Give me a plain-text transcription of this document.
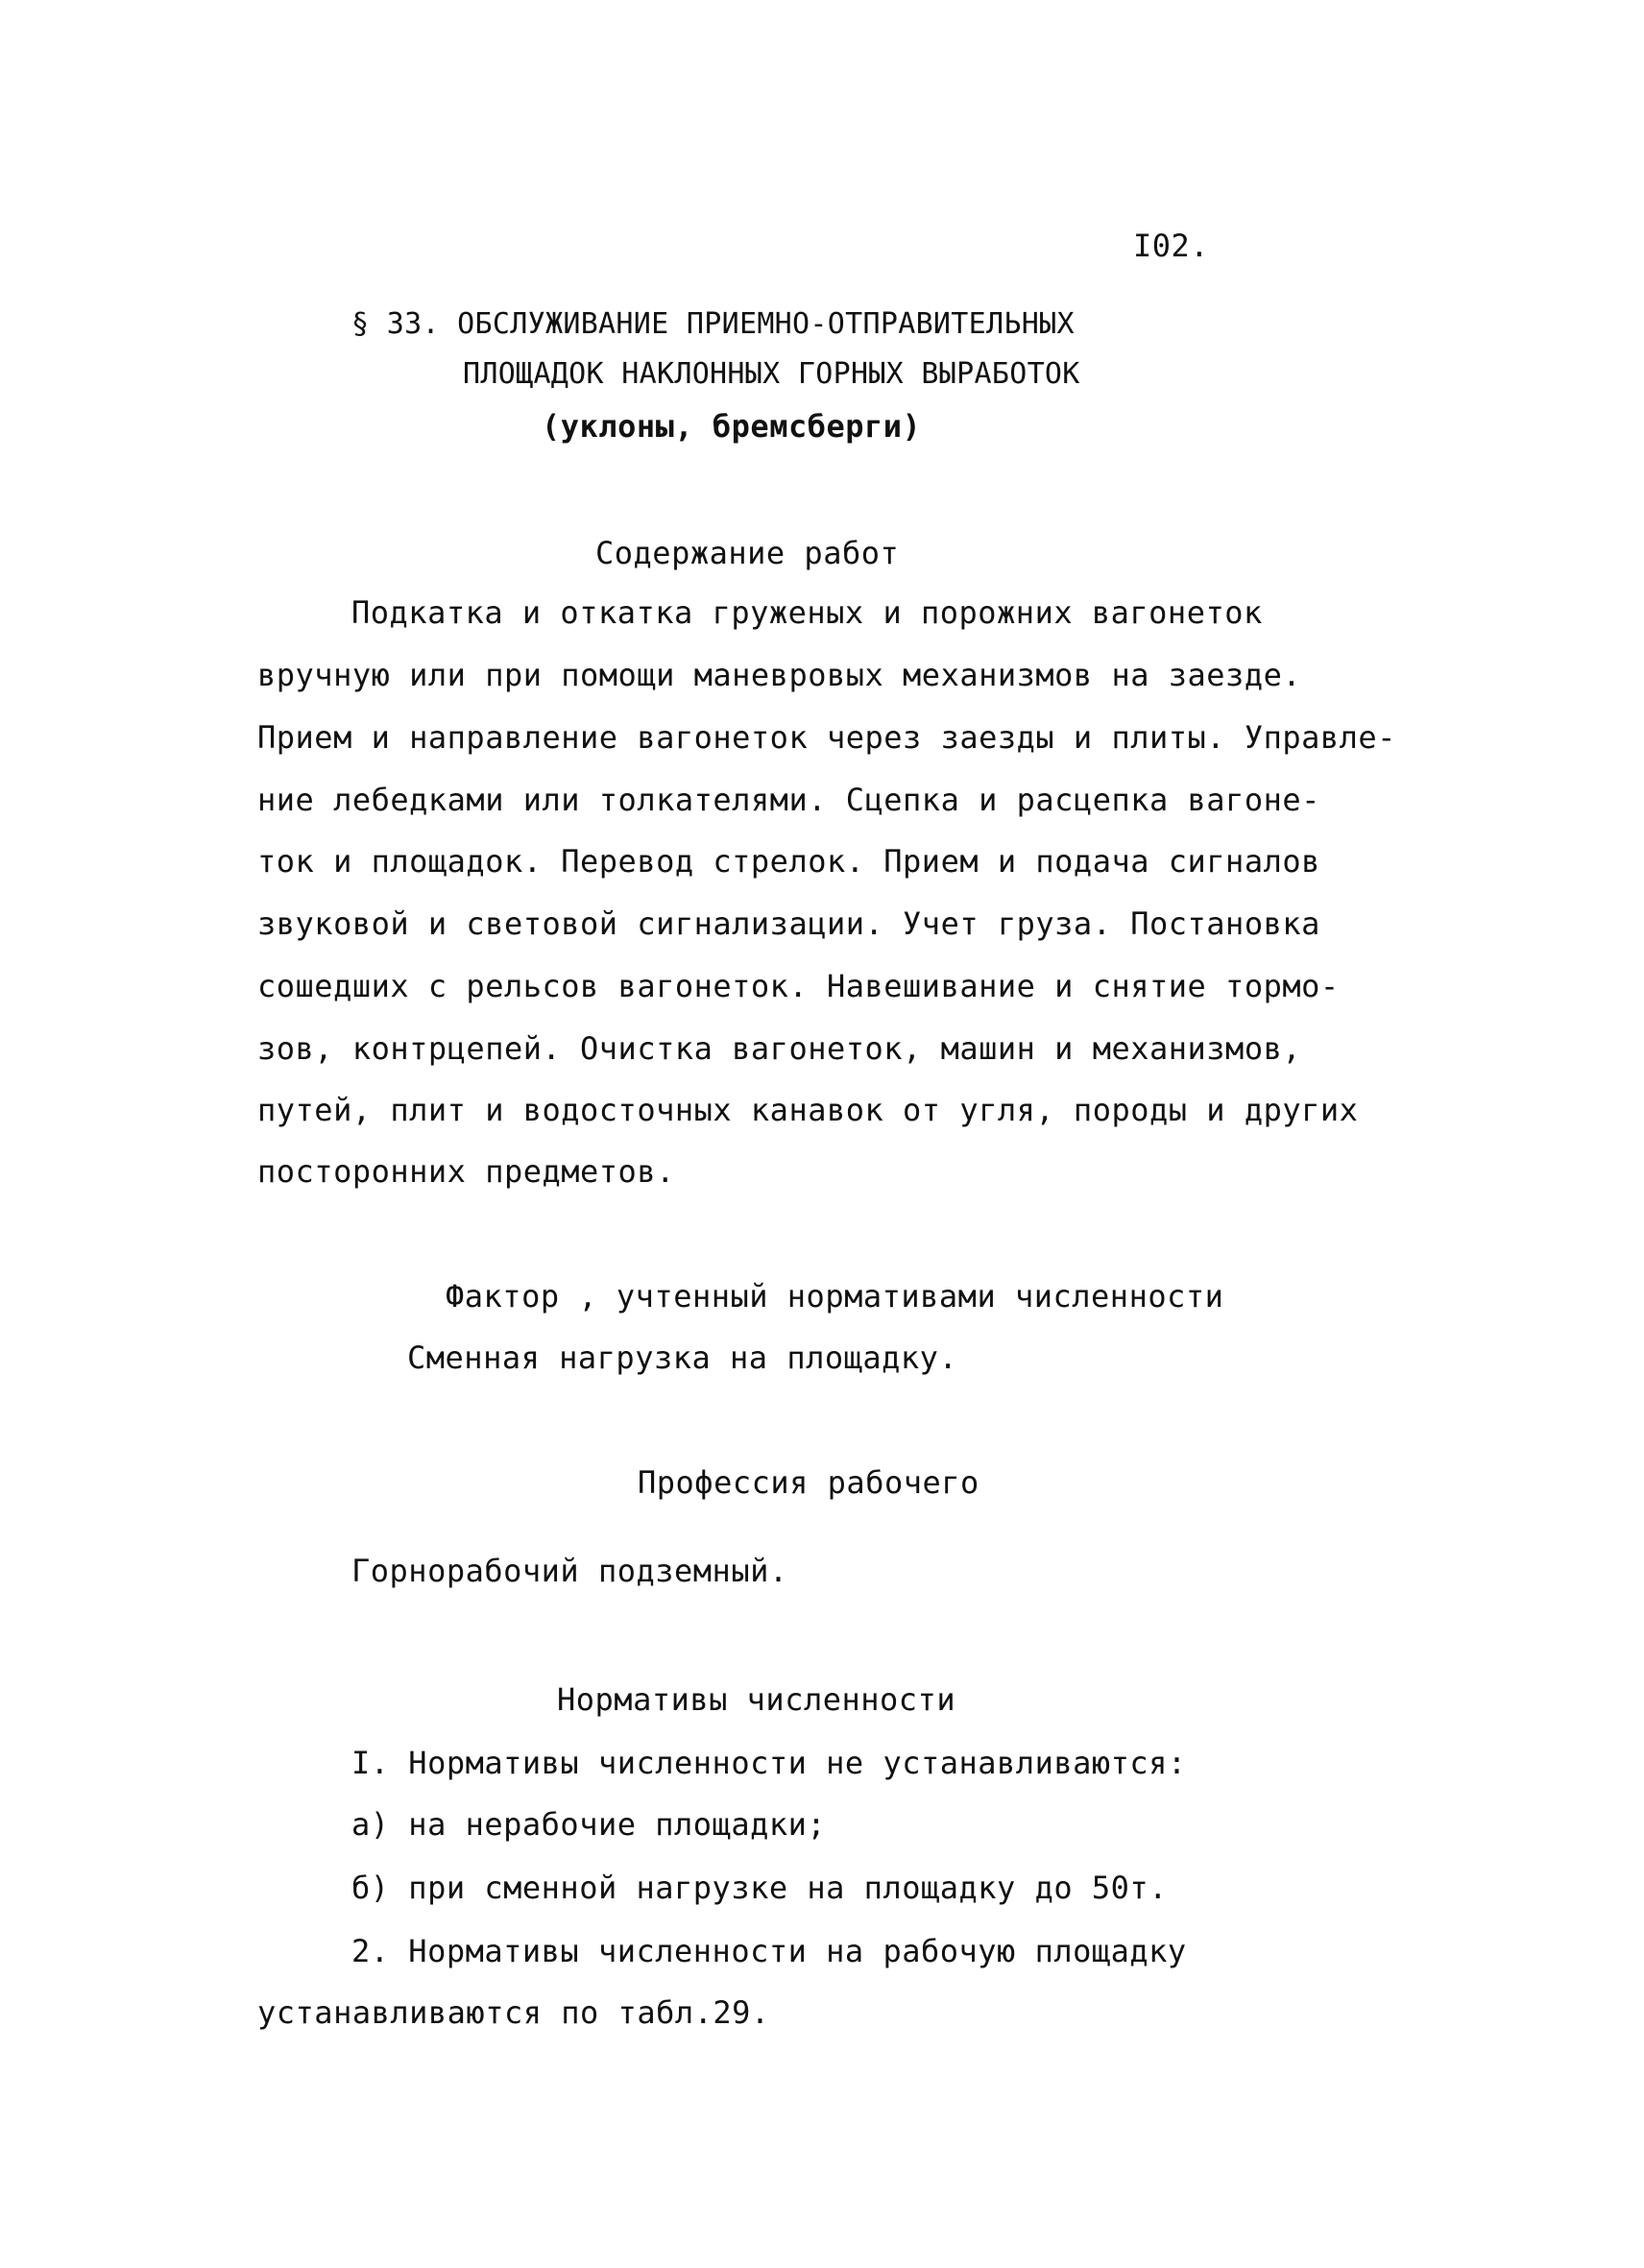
I02.
§ 33. ОБСЛУЖИВАНИЕ ПРИЕМНО-ОТПРАВИТЕЛЬНЫХ
ПЛОЩАДОК НАКЛОННЫХ ГОРНЫХ ВЫРАБОТОК
(уклоны, бремсберги)
Содержание работ
Подкатка и откатка груженых и порожних вагонеток
вручную или при помощи маневровых механизмов на заезде.
Прием и направление вагонеток через заезды и плиты. Управле-
ние лебедками или толкателями. Сцепка и расцепка вагоне-
ток и площадок. Перевод стрелок. Прием и подача сигналов
звуковой и световой сигнализации. Учет груза. Постановка
сошедших с рельсов вагонеток. Навешивание и снятие тормо-
зов, контрцепей. Очистка вагонеток, машин и механизмов,
путей, плит и водосточных канавок от угля, породы и других
посторонних предметов.
Фактор , учтенный нормативами численности
Сменная нагрузка на площадку.
Профессия рабочего
Горнорабочий подземный.
Нормативы численности
I. Нормативы численности не устанавливаются:
а) на нерабочие площадки;
б) при сменной нагрузке на площадку до 50т.
2. Нормативы численности на рабочую площадку
устанавливаются по табл.29.
